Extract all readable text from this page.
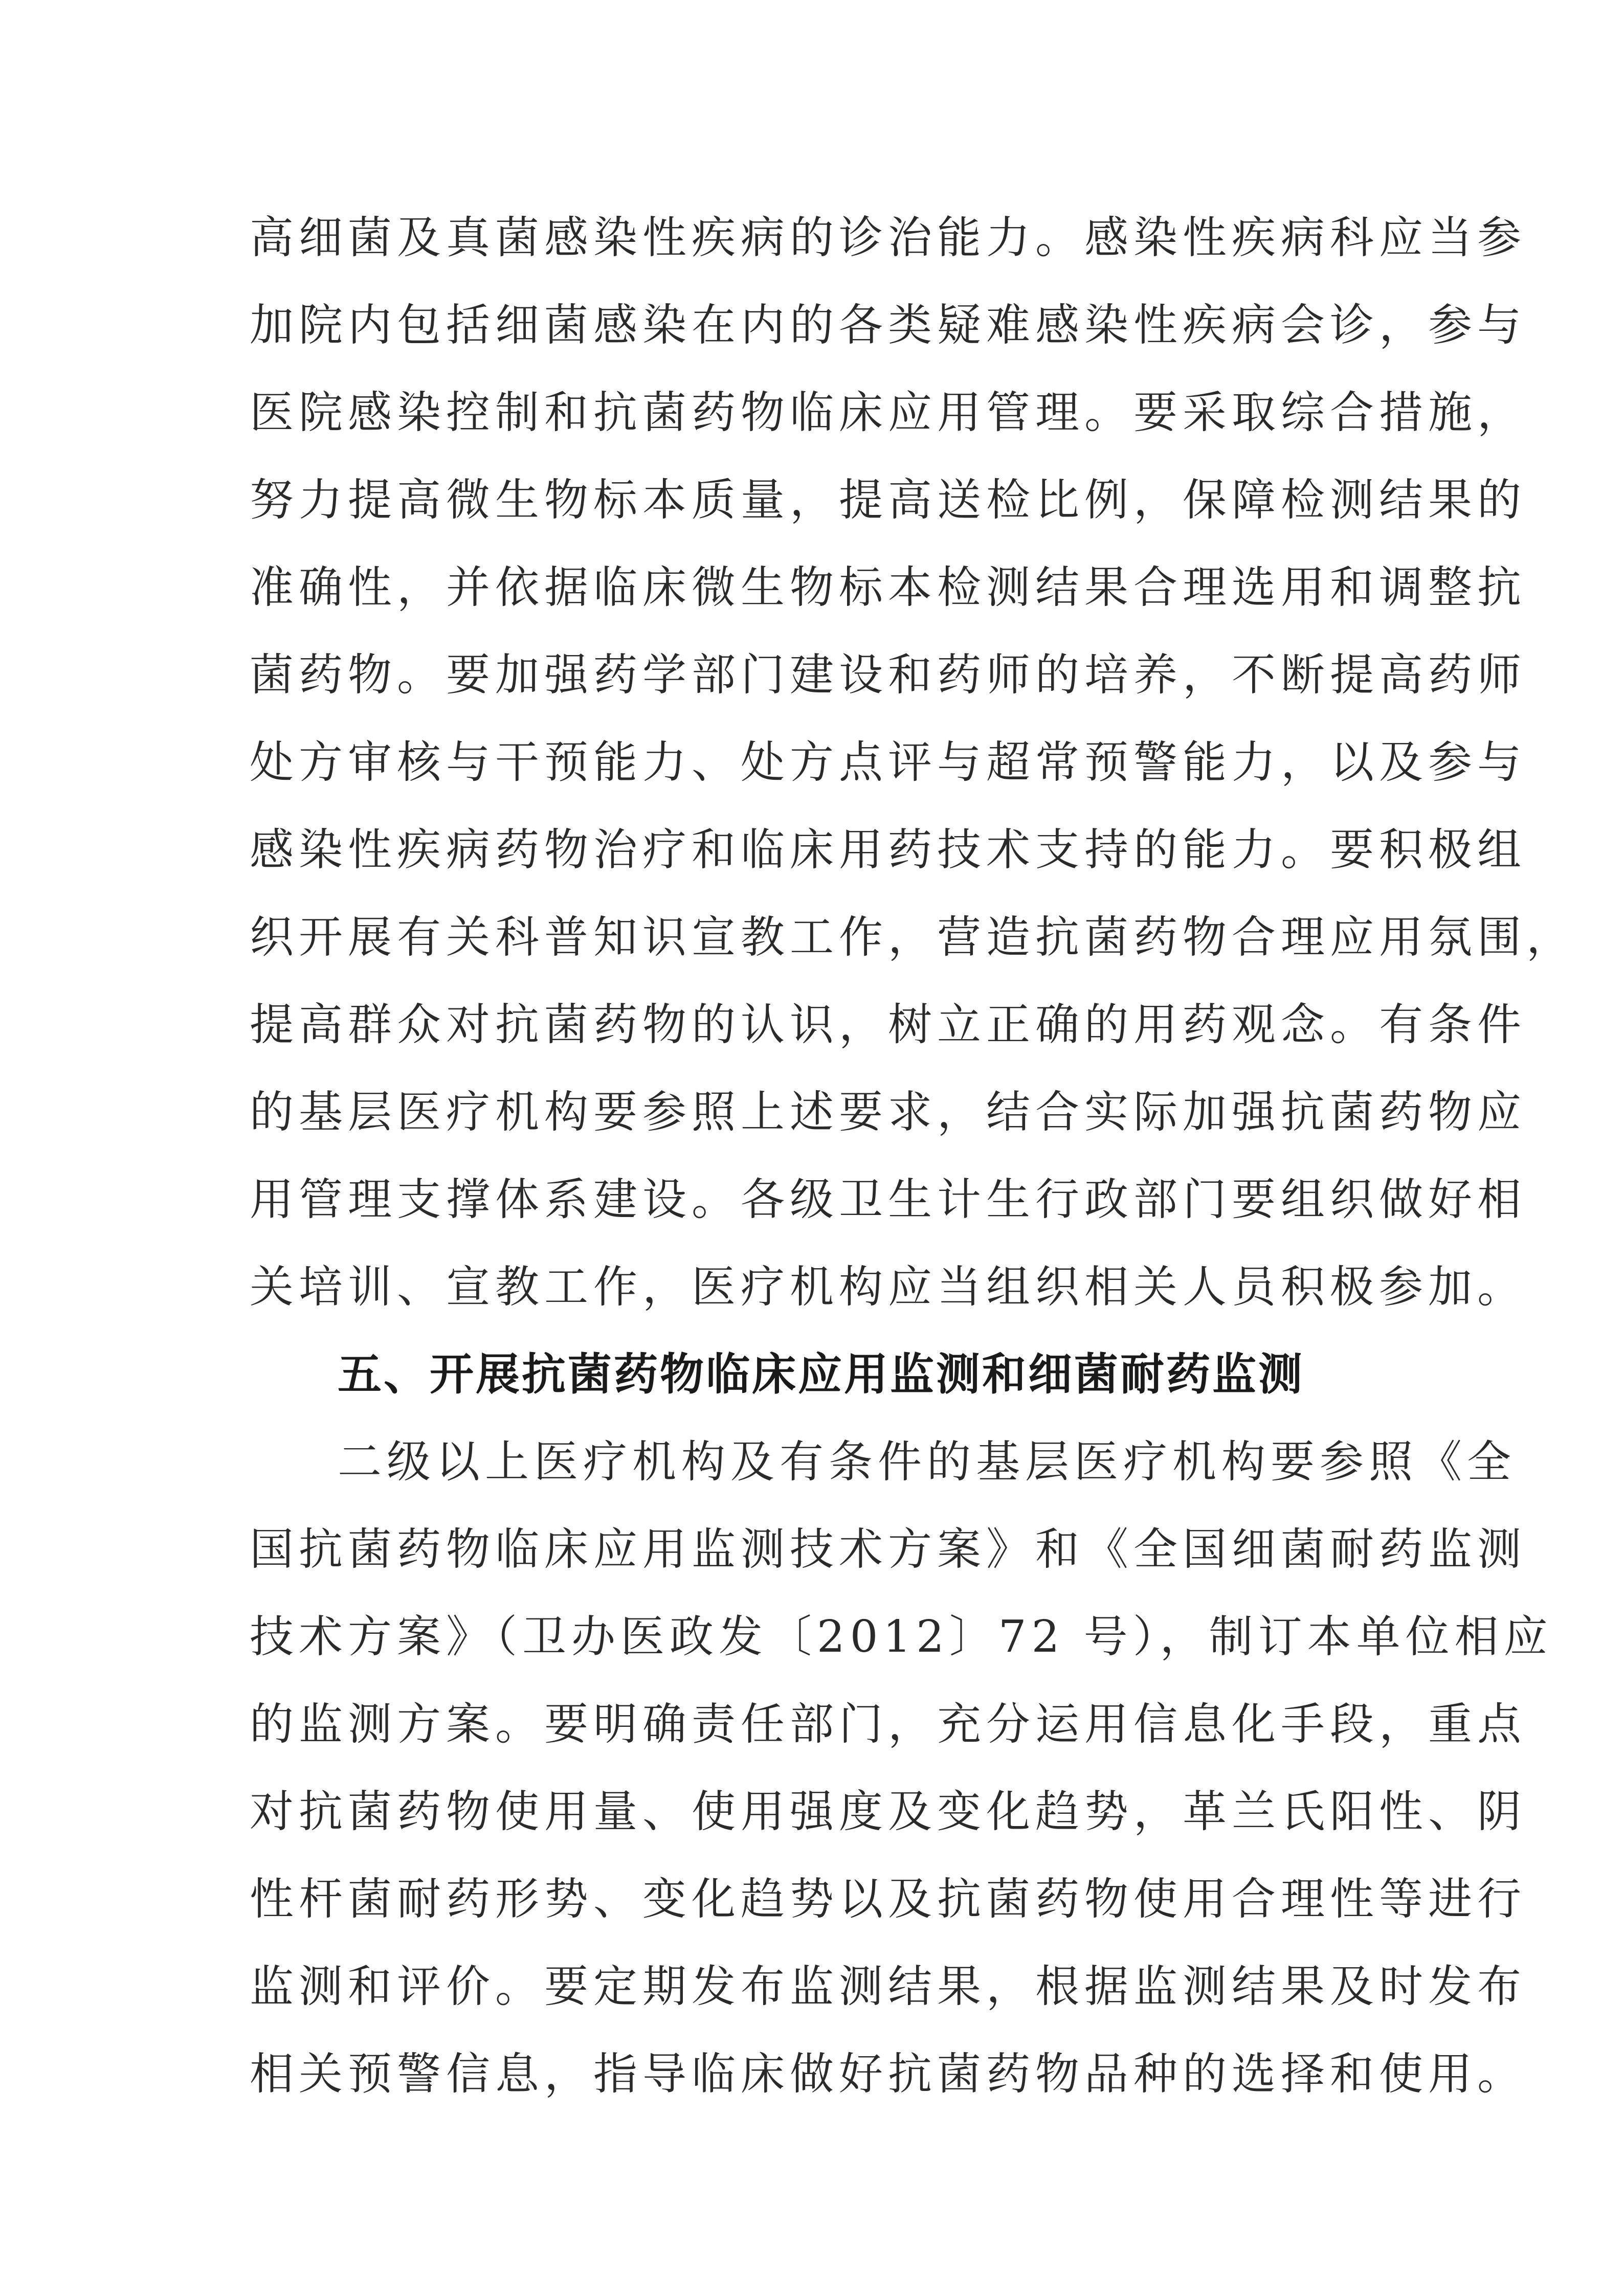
高细菌及真菌感染性疾病的诊治能力。感染性疾病科应当参
加院内包括细菌感染在内的各类疑难感染性疾病会诊，参与
医院感染控制和抗菌药物临床应用管理。要采取综合措施，
努力提高微生物标本质量，提高送检比例，保障检测结果的
准确性，并依据临床微生物标本检测结果合理选用和调整抗
菌药物。要加强药学部门建设和药师的培养，不断提高药师
处方审核与干预能力、处方点评与超常预警能力，以及参与
感染性疾病药物治疗和临床用药技术支持的能力。要积极组
织开展有关科普知识宣教工作，营造抗菌药物合理应用氛围，
提高群众对抗菌药物的认识，树立正确的用药观念。有条件
的基层医疗机构要参照上述要求，结合实际加强抗菌药物应
用管理支撑体系建设。各级卫生计生行政部门要组织做好相
关培训、宣教工作，医疗机构应当组织相关人员积极参加。
五、开展抗菌药物临床应用监测和细菌耐药监测
二级以上医疗机构及有条件的基层医疗机构要参照《全
国抗菌药物临床应用监测技术方案》和《全国细菌耐药监测
技术方案》（卫办医政发〔2012〕72 号），制订本单位相应
的监测方案。要明确责任部门，充分运用信息化手段，重点
对抗菌药物使用量、使用强度及变化趋势，革兰氏阳性、阴
性杆菌耐药形势、变化趋势以及抗菌药物使用合理性等进行
监测和评价。要定期发布监测结果，根据监测结果及时发布
相关预警信息，指导临床做好抗菌药物品种的选择和使用。
